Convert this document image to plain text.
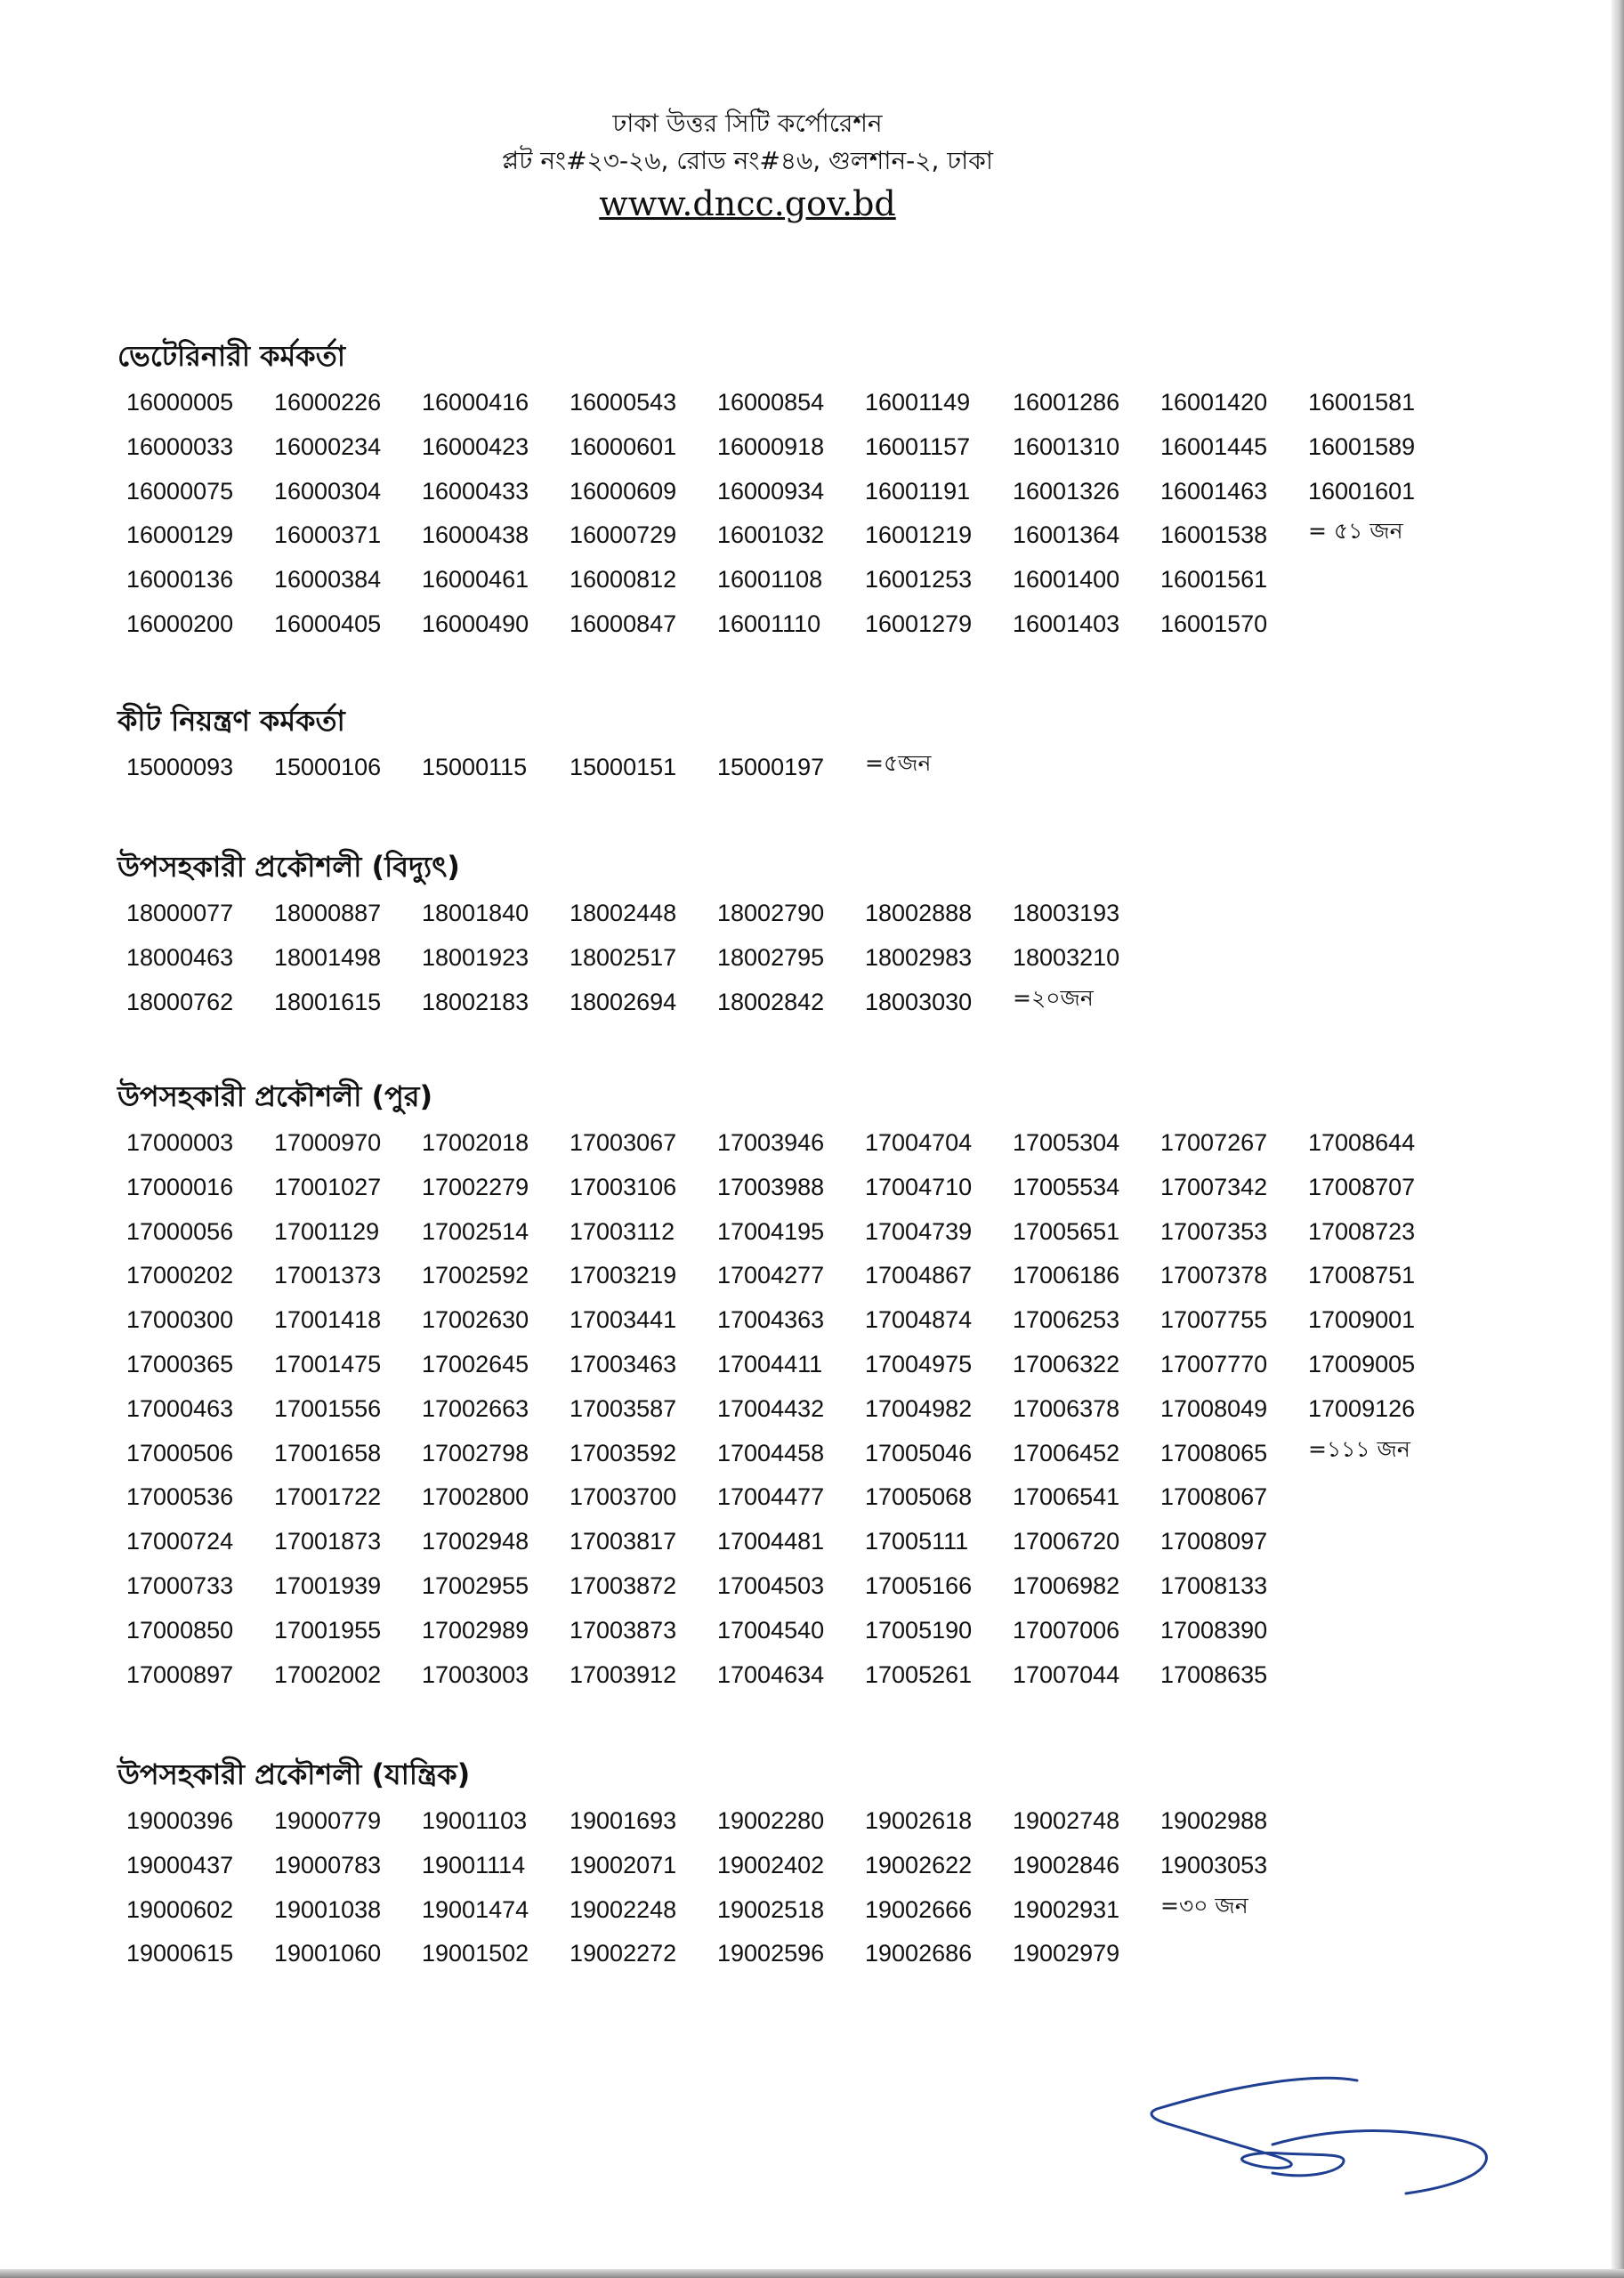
ঢাকা উত্তর সিটি কর্পোরেশন
প্লট নং#২৩-২৬, রোড নং#৪৬, গুলশান-২, ঢাকা
www.dncc.gov.bd
ভেটেরিনারী কর্মকর্তা
16000005	16000226	16000416	16000543	16000854	16001149	16001286	16001420	16001581
16000033	16000234	16000423	16000601	16000918	16001157	16001310	16001445	16001589
16000075	16000304	16000433	16000609	16000934	16001191	16001326	16001463	16001601
16000129	16000371	16000438	16000729	16001032	16001219	16001364	16001538
16000136	16000384	16000461	16000812	16001108	16001253	16001400	16001561
16000200	16000405	16000490	16000847	16001110	16001279	16001403	16001570
= ৫১ জন
কীট নিয়ন্ত্রণ কর্মকর্তা
15000093	15000106	15000115	15000151	15000197	=৫জন
উপসহকারী প্রকৌশলী (বিদ্যুৎ)
18000077	18000887	18001840	18002448	18002790	18002888	18003193
18000463	18001498	18001923	18002517	18002795	18002983	18003210
18000762	18001615	18002183	18002694	18002842	18003030	=২০জন
উপসহকারী প্রকৌশলী (পুর)
17000003	17000970	17002018	17003067	17003946	17004704	17005304	17007267	17008644
17000016	17001027	17002279	17003106	17003988	17004710	17005534	17007342	17008707
17000056	17001129	17002514	17003112	17004195	17004739	17005651	17007353	17008723
17000202	17001373	17002592	17003219	17004277	17004867	17006186	17007378	17008751
17000300	17001418	17002630	17003441	17004363	17004874	17006253	17007755	17009001
17000365	17001475	17002645	17003463	17004411	17004975	17006322	17007770	17009005
17000463	17001556	17002663	17003587	17004432	17004982	17006378	17008049	17009126
17000506	17001658	17002798	17003592	17004458	17005046	17006452	17008065
17000536	17001722	17002800	17003700	17004477	17005068	17006541	17008067
17000724	17001873	17002948	17003817	17004481	17005111	17006720	17008097
17000733	17001939	17002955	17003872	17004503	17005166	17006982	17008133
17000850	17001955	17002989	17003873	17004540	17005190	17007006	17008390
17000897	17002002	17003003	17003912	17004634	17005261	17007044	17008635
=১১১ জন
উপসহকারী প্রকৌশলী (যান্ত্রিক)
19000396	19000779	19001103	19001693	19002280	19002618	19002748	19002988
19000437	19000783	19001114	19002071	19002402	19002622	19002846	19003053
19000602	19001038	19001474	19002248	19002518	19002666	19002931
19000615	19001060	19001502	19002272	19002596	19002686	19002979
=৩০ জন
